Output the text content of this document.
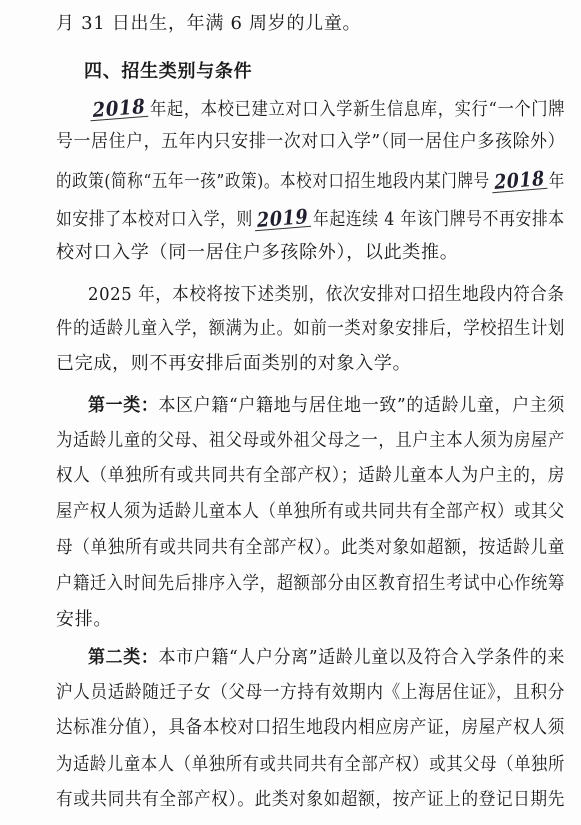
月 31 日出生，年满 6 周岁的儿童。
四、招生类别与条件
2018 年起，本校已建立对口入学新生信息库，实行“一个门牌
号一居住户，五年内只安排一次对口入学”（同一居住户多孩除外）
的政策(简称“五年一孩”政策)。本校对口招生地段内某门牌号 2018 年
如安排了本校对口入学，则 2019 年起连续 4 年该门牌号不再安排本
校对口入学（同一居住户多孩除外），以此类推。
2025 年，本校将按下述类别，依次安排对口招生地段内符合条
件的适龄儿童入学，额满为止。如前一类对象安排后，学校招生计划
已完成，则不再安排后面类别的对象入学。
第一类：本区户籍“户籍地与居住地一致”的适龄儿童，户主须
为适龄儿童的父母、祖父母或外祖父母之一，且户主本人须为房屋产
权人（单独所有或共同共有全部产权）；适龄儿童本人为户主的，房
屋产权人须为适龄儿童本人（单独所有或共同共有全部产权）或其父
母（单独所有或共同共有全部产权）。此类对象如超额，按适龄儿童
户籍迁入时间先后排序入学，超额部分由区教育招生考试中心作统筹
安排。
第二类：本市户籍“人户分离”适龄儿童以及符合入学条件的来
沪人员适龄随迁子女（父母一方持有效期内《上海居住证》，且积分
达标准分值），具备本校对口招生地段内相应房产证，房屋产权人须
为适龄儿童本人（单独所有或共同共有全部产权）或其父母（单独所
有或共同共有全部产权）。此类对象如超额，按产证上的登记日期先
